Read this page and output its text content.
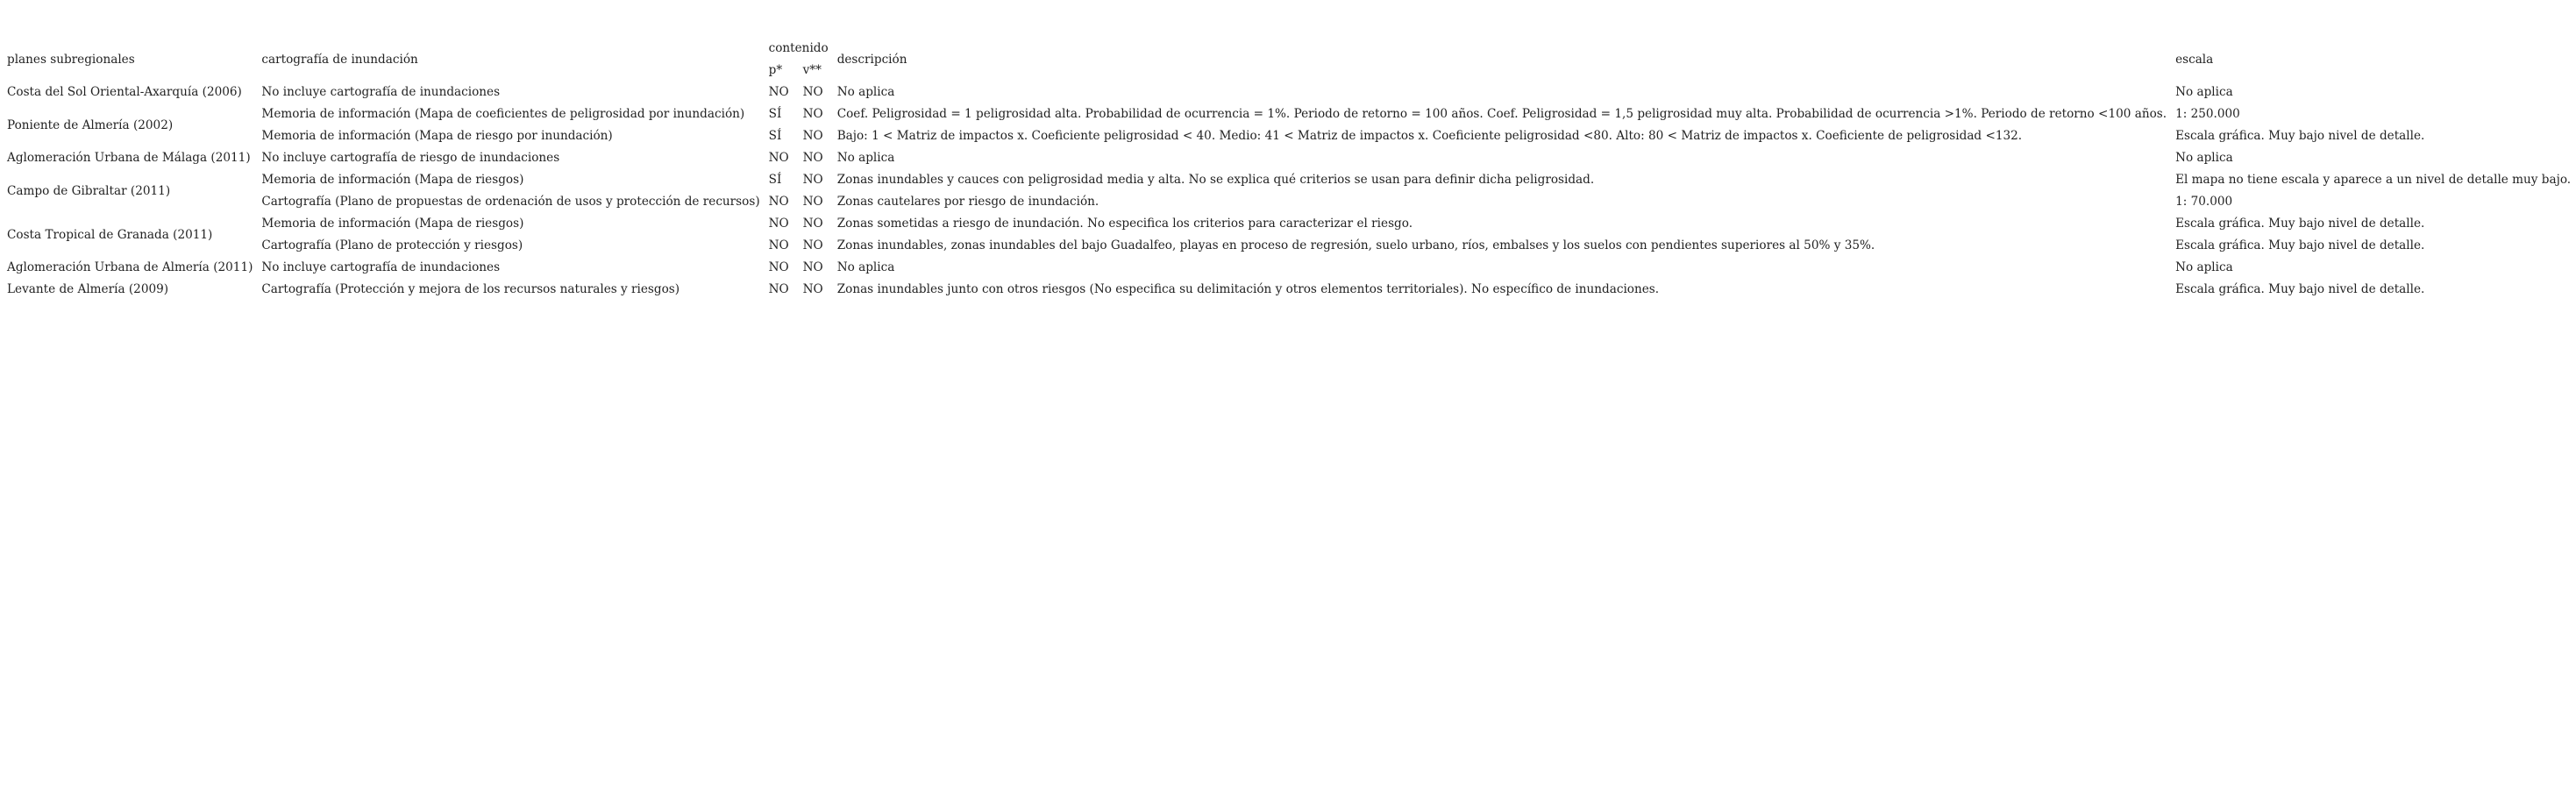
planes subregionales	cartografía de inundación	contenido		descripción	escala
		p*	v**		
Costa del Sol Oriental-Axarquía (2006)	No incluye cartografía de inundaciones	NO	NO	No aplica	No aplica
Poniente de Almería (2002)	Memoria de información (Mapa de coeficientes de peligrosidad por inundación)	SÍ	NO	Coef. Peligrosidad = 1 peligrosidad alta. Probabilidad de ocurrencia = 1%. Periodo de retorno = 100 años. Coef. Peligrosidad = 1,5 peligrosidad muy alta. Probabilidad de ocurrencia >1%. Periodo de retorno <100 años.	1: 250.000
	Memoria de información (Mapa de riesgo por inundación)	SÍ	NO	Bajo: 1 < Matriz de impactos x. Coeficiente peligrosidad < 40. Medio: 41 < Matriz de impactos x. Coeficiente peligrosidad <80. Alto: 80 < Matriz de impactos x. Coeficiente de peligrosidad <132.	Escala gráfica. Muy bajo nivel de detalle.
Aglomeración Urbana de Málaga (2011)	No incluye cartografía de riesgo de inundaciones	NO	NO	No aplica	No aplica
Campo de Gibraltar (2011)	Memoria de información (Mapa de riesgos)	SÍ	NO	Zonas inundables y cauces con peligrosidad media y alta. No se explica qué criterios se usan para definir dicha peligrosidad.	El mapa no tiene escala y aparece a un nivel de detalle muy bajo.
	Cartografía (Plano de propuestas de ordenación de usos y protección de recursos)	NO	NO	Zonas cautelares por riesgo de inundación.	1: 70.000
Costa Tropical de Granada (2011)	Memoria de información (Mapa de riesgos)	NO	NO	Zonas sometidas a riesgo de inundación. No especifica los criterios para caracterizar el riesgo.	Escala gráfica. Muy bajo nivel de detalle.
	Cartografía (Plano de protección y riesgos)	NO	NO	Zonas inundables, zonas inundables del bajo Guadalfeo, playas en proceso de regresión, suelo urbano, ríos, embalses y los suelos con pendientes superiores al 50% y 35%.	Escala gráfica. Muy bajo nivel de detalle.
Aglomeración Urbana de Almería (2011)	No incluye cartografía de inundaciones	NO	NO	No aplica	No aplica
Levante de Almería (2009)	Cartografía (Protección y mejora de los recursos naturales y riesgos)	NO	NO	Zonas inundables junto con otros riesgos (No especifica su delimitación y otros elementos territoriales). No específico de inundaciones.	Escala gráfica. Muy bajo nivel de detalle.
